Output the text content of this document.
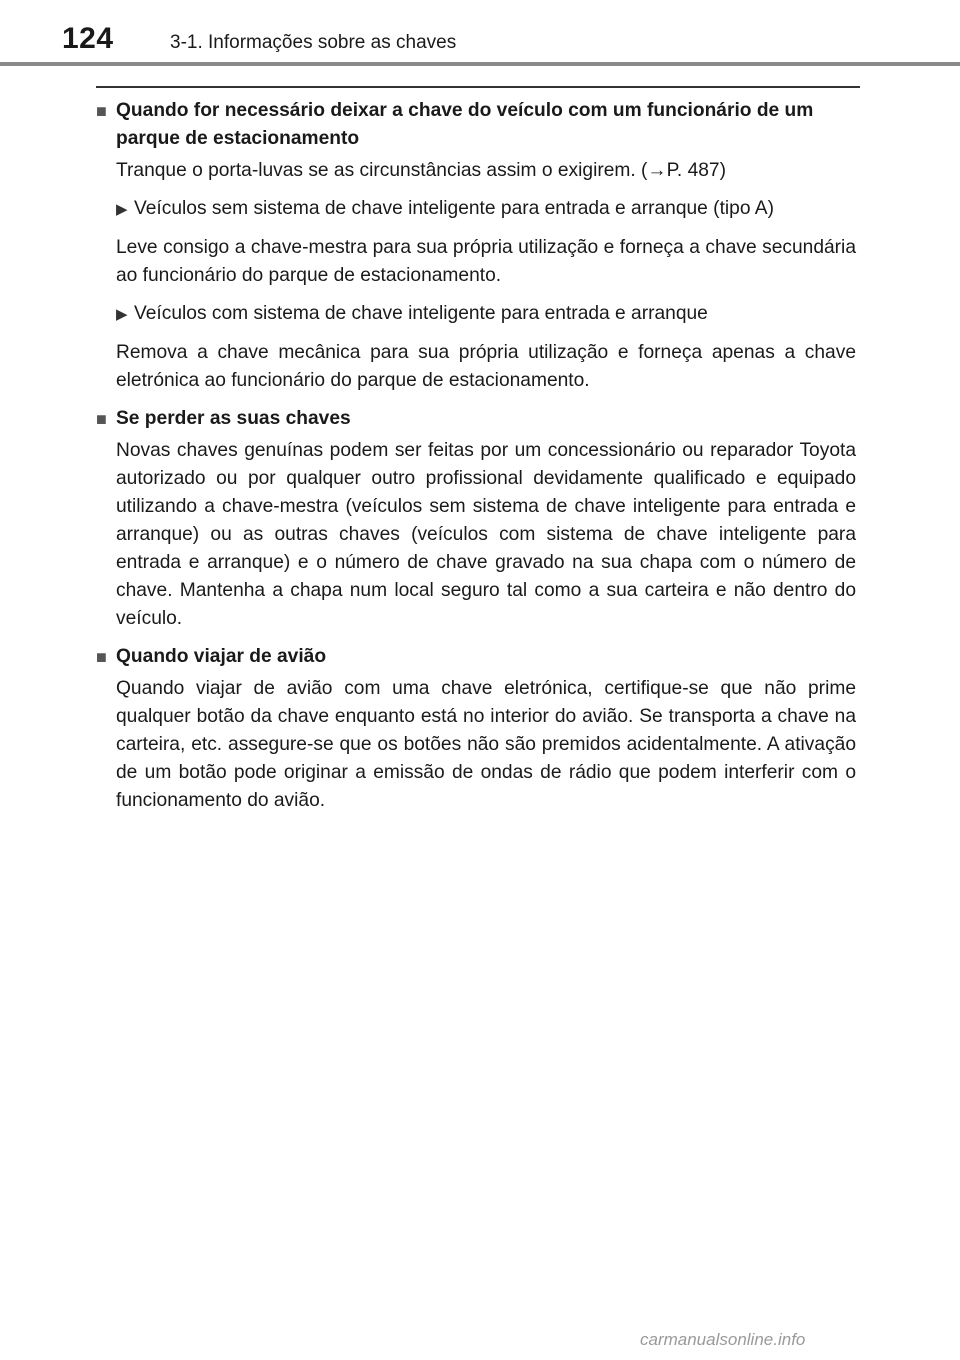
124	3-1. Informações sobre as chaves
■ Quando for necessário deixar a chave do veículo com um funcionário de um parque de estacionamento
Tranque o porta-luvas se as circunstâncias assim o exigirem. (→P. 487)
▶ Veículos sem sistema de chave inteligente para entrada e arranque (tipo A)
Leve consigo a chave-mestra para sua própria utilização e forneça a chave secundária ao funcionário do parque de estacionamento.
▶ Veículos com sistema de chave inteligente para entrada e arranque
Remova a chave mecânica para sua própria utilização e forneça apenas a chave eletrónica ao funcionário do parque de estacionamento.
■ Se perder as suas chaves
Novas chaves genuínas podem ser feitas por um concessionário ou reparador Toyota autorizado ou por qualquer outro profissional devidamente qualificado e equipado utilizando a chave-mestra (veículos sem sistema de chave inteligente para entrada e arranque) ou as outras chaves (veículos com sistema de chave inteligente para entrada e arranque) e o número de chave gravado na sua chapa com o número de chave. Mantenha a chapa num local seguro tal como a sua carteira e não dentro do veículo.
■ Quando viajar de avião
Quando viajar de avião com uma chave eletrónica, certifique-se que não prime qualquer botão da chave enquanto está no interior do avião. Se transporta a chave na carteira, etc. assegure-se que os botões não são premidos acidentalmente. A ativação de um botão pode originar a emissão de ondas de rádio que podem interferir com o funcionamento do avião.
carmanualsonline.info
